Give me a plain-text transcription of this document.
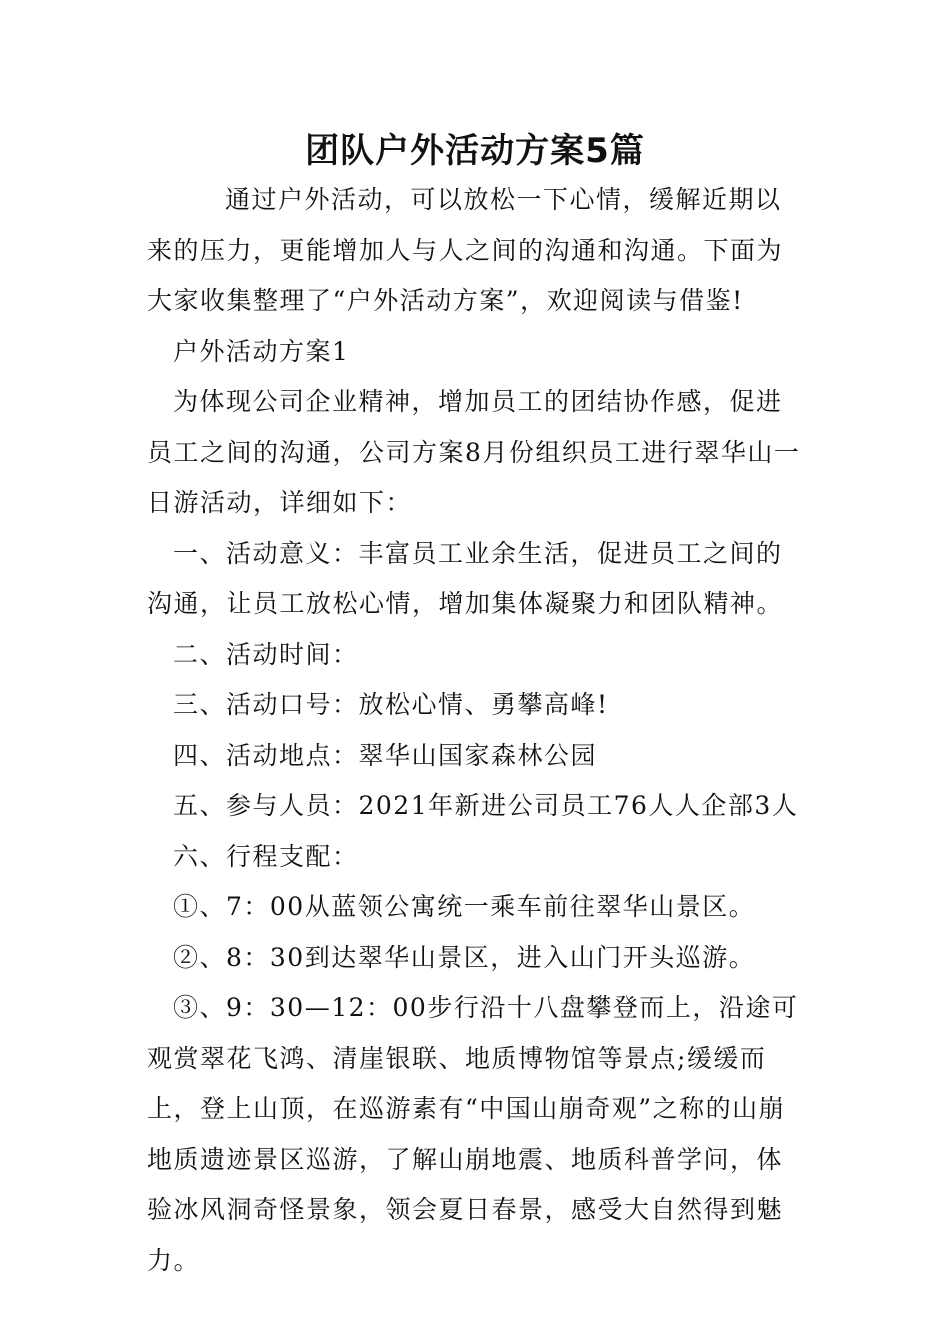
团队户外活动方案5篇

通过户外活动，可以放松一下心情，缓解近期以来的压力，更能增加人与人之间的沟通和沟通。下面为大家收集整理了“户外活动方案”，欢迎阅读与借鉴!

户外活动方案1

为体现公司企业精神，增加员工的团结协作感，促进员工之间的沟通，公司方案8月份组织员工进行翠华山一日游活动，详细如下：

一、活动意义：丰富员工业余生活，促进员工之间的沟通，让员工放松心情，增加集体凝聚力和团队精神。

二、活动时间：

三、活动口号：放松心情、勇攀高峰!

四、活动地点：翠华山国家森林公园

五、参与人员：2021年新进公司员工76人人企部3人

六、行程支配：

①、7：00从蓝领公寓统一乘车前往翠华山景区。

②、8：30到达翠华山景区，进入山门开头巡游。

③、9：30—12：00步行沿十八盘攀登而上，沿途可观赏翠花飞鸿、清崖银联、地质博物馆等景点;缓缓而上，登上山顶，在巡游素有“中国山崩奇观”之称的山崩地质遗迹景区巡游，了解山崩地震、地质科普学问，体验冰风洞奇怪景象，领会夏日春景，感受大自然得到魅力。
